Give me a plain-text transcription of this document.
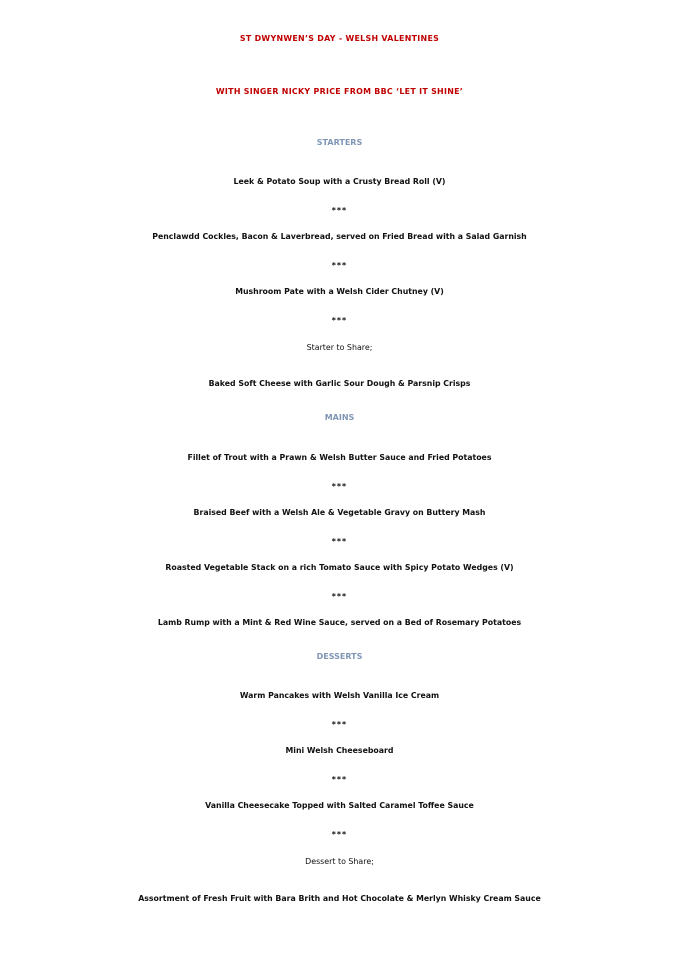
ST DWYNWEN’S DAY - WELSH VALENTINES
WITH SINGER NICKY PRICE FROM BBC ‘LET IT SHINE’
STARTERS
Leek & Potato Soup with a Crusty Bread Roll (V)
***
Penclawdd Cockles, Bacon & Laverbread, served on Fried Bread with a Salad Garnish
***
Mushroom Pate with a Welsh Cider Chutney (V)
***
Starter to Share;
Baked Soft Cheese with Garlic Sour Dough & Parsnip Crisps
MAINS
Fillet of Trout with a Prawn & Welsh Butter Sauce and Fried Potatoes
***
Braised Beef with a Welsh Ale & Vegetable Gravy on Buttery Mash
***
Roasted Vegetable Stack on a rich Tomato Sauce with Spicy Potato Wedges (V)
***
Lamb Rump with a Mint & Red Wine Sauce, served on a Bed of Rosemary Potatoes
DESSERTS
Warm Pancakes with Welsh Vanilla Ice Cream
***
Mini Welsh Cheeseboard
***
Vanilla Cheesecake Topped with Salted Caramel Toffee Sauce
***
Dessert to Share;
Assortment of Fresh Fruit with Bara Brith and Hot Chocolate & Merlyn Whisky Cream Sauce
